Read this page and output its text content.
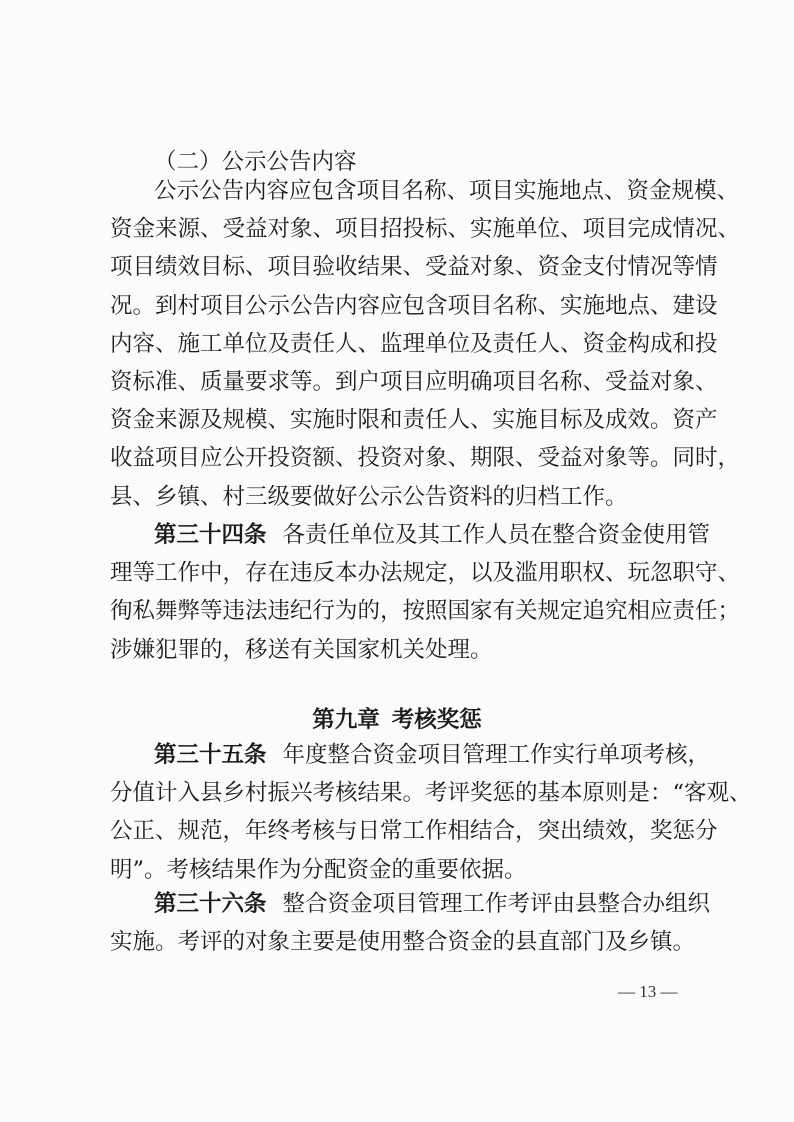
（二）公示公告内容
公示公告内容应包含项目名称、项目实施地点、资金规模、
资金来源、受益对象、项目招投标、实施单位、项目完成情况、
项目绩效目标、项目验收结果、受益对象、资金支付情况等情
况。到村项目公示公告内容应包含项目名称、实施地点、建设
内容、施工单位及责任人、监理单位及责任人、资金构成和投
资标准、质量要求等。到户项目应明确项目名称、受益对象、
资金来源及规模、实施时限和责任人、实施目标及成效。资产
收益项目应公开投资额、投资对象、期限、受益对象等。同时，
县、乡镇、村三级要做好公示公告资料的归档工作。
第三十四条 各责任单位及其工作人员在整合资金使用管
理等工作中，存在违反本办法规定，以及滥用职权、玩忽职守、
徇私舞弊等违法违纪行为的，按照国家有关规定追究相应责任；
涉嫌犯罪的，移送有关国家机关处理。
第九章 考核奖惩
第三十五条 年度整合资金项目管理工作实行单项考核，
分值计入县乡村振兴考核结果。考评奖惩的基本原则是：“客观、
公正、规范，年终考核与日常工作相结合，突出绩效，奖惩分
明”。考核结果作为分配资金的重要依据。
第三十六条 整合资金项目管理工作考评由县整合办组织
实施。考评的对象主要是使用整合资金的县直部门及乡镇。
— 13 —
